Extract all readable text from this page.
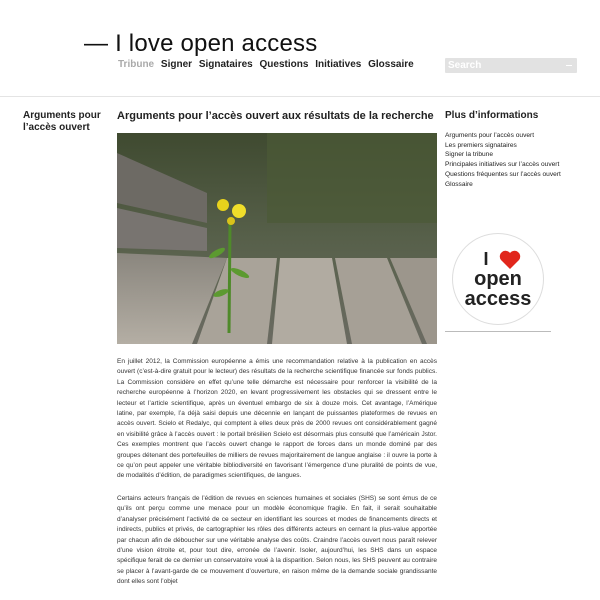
— I love open access
Tribune Signer Signataires Questions Initiatives Glossaire
Search
Arguments pour l’accès ouvert
Arguments pour l’accès ouvert aux résultats de la recherche

En juillet 2012, la Commission européenne a émis une recommandation relative à la publication en accès ouvert (c’est-à-dire gratuit pour le lecteur) des résultats de la recherche scientifique financée sur fonds publics. La Commission considère en effet qu’une telle démarche est nécessaire pour renforcer la visibilité de la recherche européenne à l’horizon 2020, en levant progressivement les obstacles qui se dressent entre le lecteur et l’article scientifique, après un éventuel embargo de six à douze mois. Cet avantage, l’Amérique latine, par exemple, l’a déjà saisi depuis une décennie en lançant de puissantes plateformes de revues en accès ouvert. Scielo et Redalyc, qui comptent à elles deux près de 2000 revues ont considérablement gagné en visibilité grâce à l’accès ouvert : le portail brésilien Scielo est désormais plus consulté que l’américain Jstor. Ces exemples montrent que l’accès ouvert change le rapport de forces dans un monde dominé par des groupes détenant des portefeuilles de milliers de revues majoritairement de langue anglaise : il ouvre la porte à ce qu’on peut appeler une véritable bibliodiversité en favorisant l’émergence d’une pluralité de points de vue, de modalités d’édition, de paradigmes scientifiques, de langues.

Certains acteurs français de l’édition de revues en sciences humaines et sociales (SHS) se sont émus de ce qu’ils ont perçu comme une menace pour un modèle économique fragile. En fait, il serait souhaitable d’analyser précisément l’activité de ce secteur en identifiant les sources et modes de financements directs et indirects, publics et privés, de cartographier les rôles des différents acteurs en cernant la plus-value apportée par chacun afin de déboucher sur une véritable analyse des coûts. Craindre l’accès ouvert nous paraît relever d’une vision étroite et, pour tout dire, erronée de l’avenir. Isoler, aujourd’hui, les SHS dans un espace spécifique ferait de ce dernier un conservatoire voué à la disparition. Selon nous, les SHS peuvent au contraire se placer à l’avant-garde de ce mouvement d’ouverture, en raison même de la demande sociale grandissante dont elles sont l’objet

Plus d’informations
Arguments pour l’accès ouvert
Les premiers signataires
Signer la tribune
Principales initiatives sur l’accès ouvert
Questions fréquentes sur l’accès ouvert
Glossaire
I
open
access
